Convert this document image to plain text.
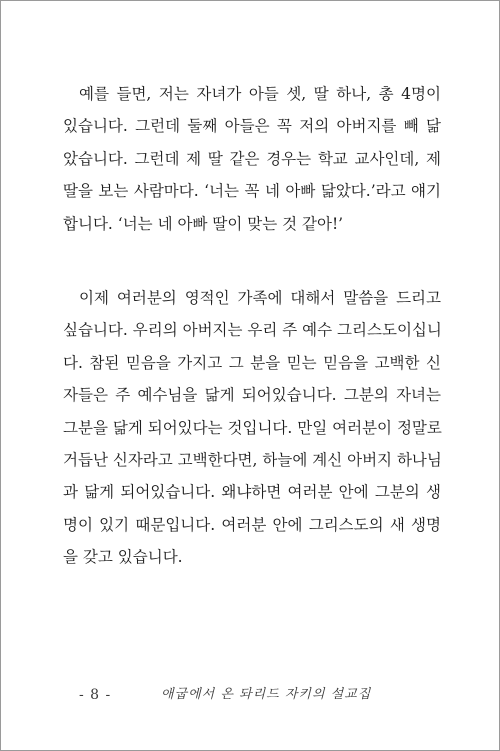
예를 들면, 저는 자녀가 아들 셋, 딸 하나, 총 4명이
있습니다. 그런데 둘째 아들은 꼭 저의 아버지를 빼 닮
았습니다. 그런데 제 딸 같은 경우는 학교 교사인데, 제
딸을 보는 사람마다. ‘너는 꼭 네 아빠 닮았다.’라고 얘기
합니다. ‘너는 네 아빠 딸이 맞는 것 같아!’
이제 여러분의 영적인 가족에 대해서 말씀을 드리고
싶습니다. 우리의 아버지는 우리 주 예수 그리스도이십니
다. 참된 믿음을 가지고 그 분을 믿는 믿음을 고백한 신
자들은 주 예수님을 닮게 되어있습니다. 그분의 자녀는
그분을 닮게 되어있다는 것입니다. 만일 여러분이 정말로
거듭난 신자라고 고백한다면, 하늘에 계신 아버지 하나님
과 닮게 되어있습니다. 왜냐하면 여러분 안에 그분의 생
명이 있기 때문입니다. 여러분 안에 그리스도의 새 생명
을 갖고 있습니다.
- 8 -	애굽에서 온 돠리드 자키의 설교집
